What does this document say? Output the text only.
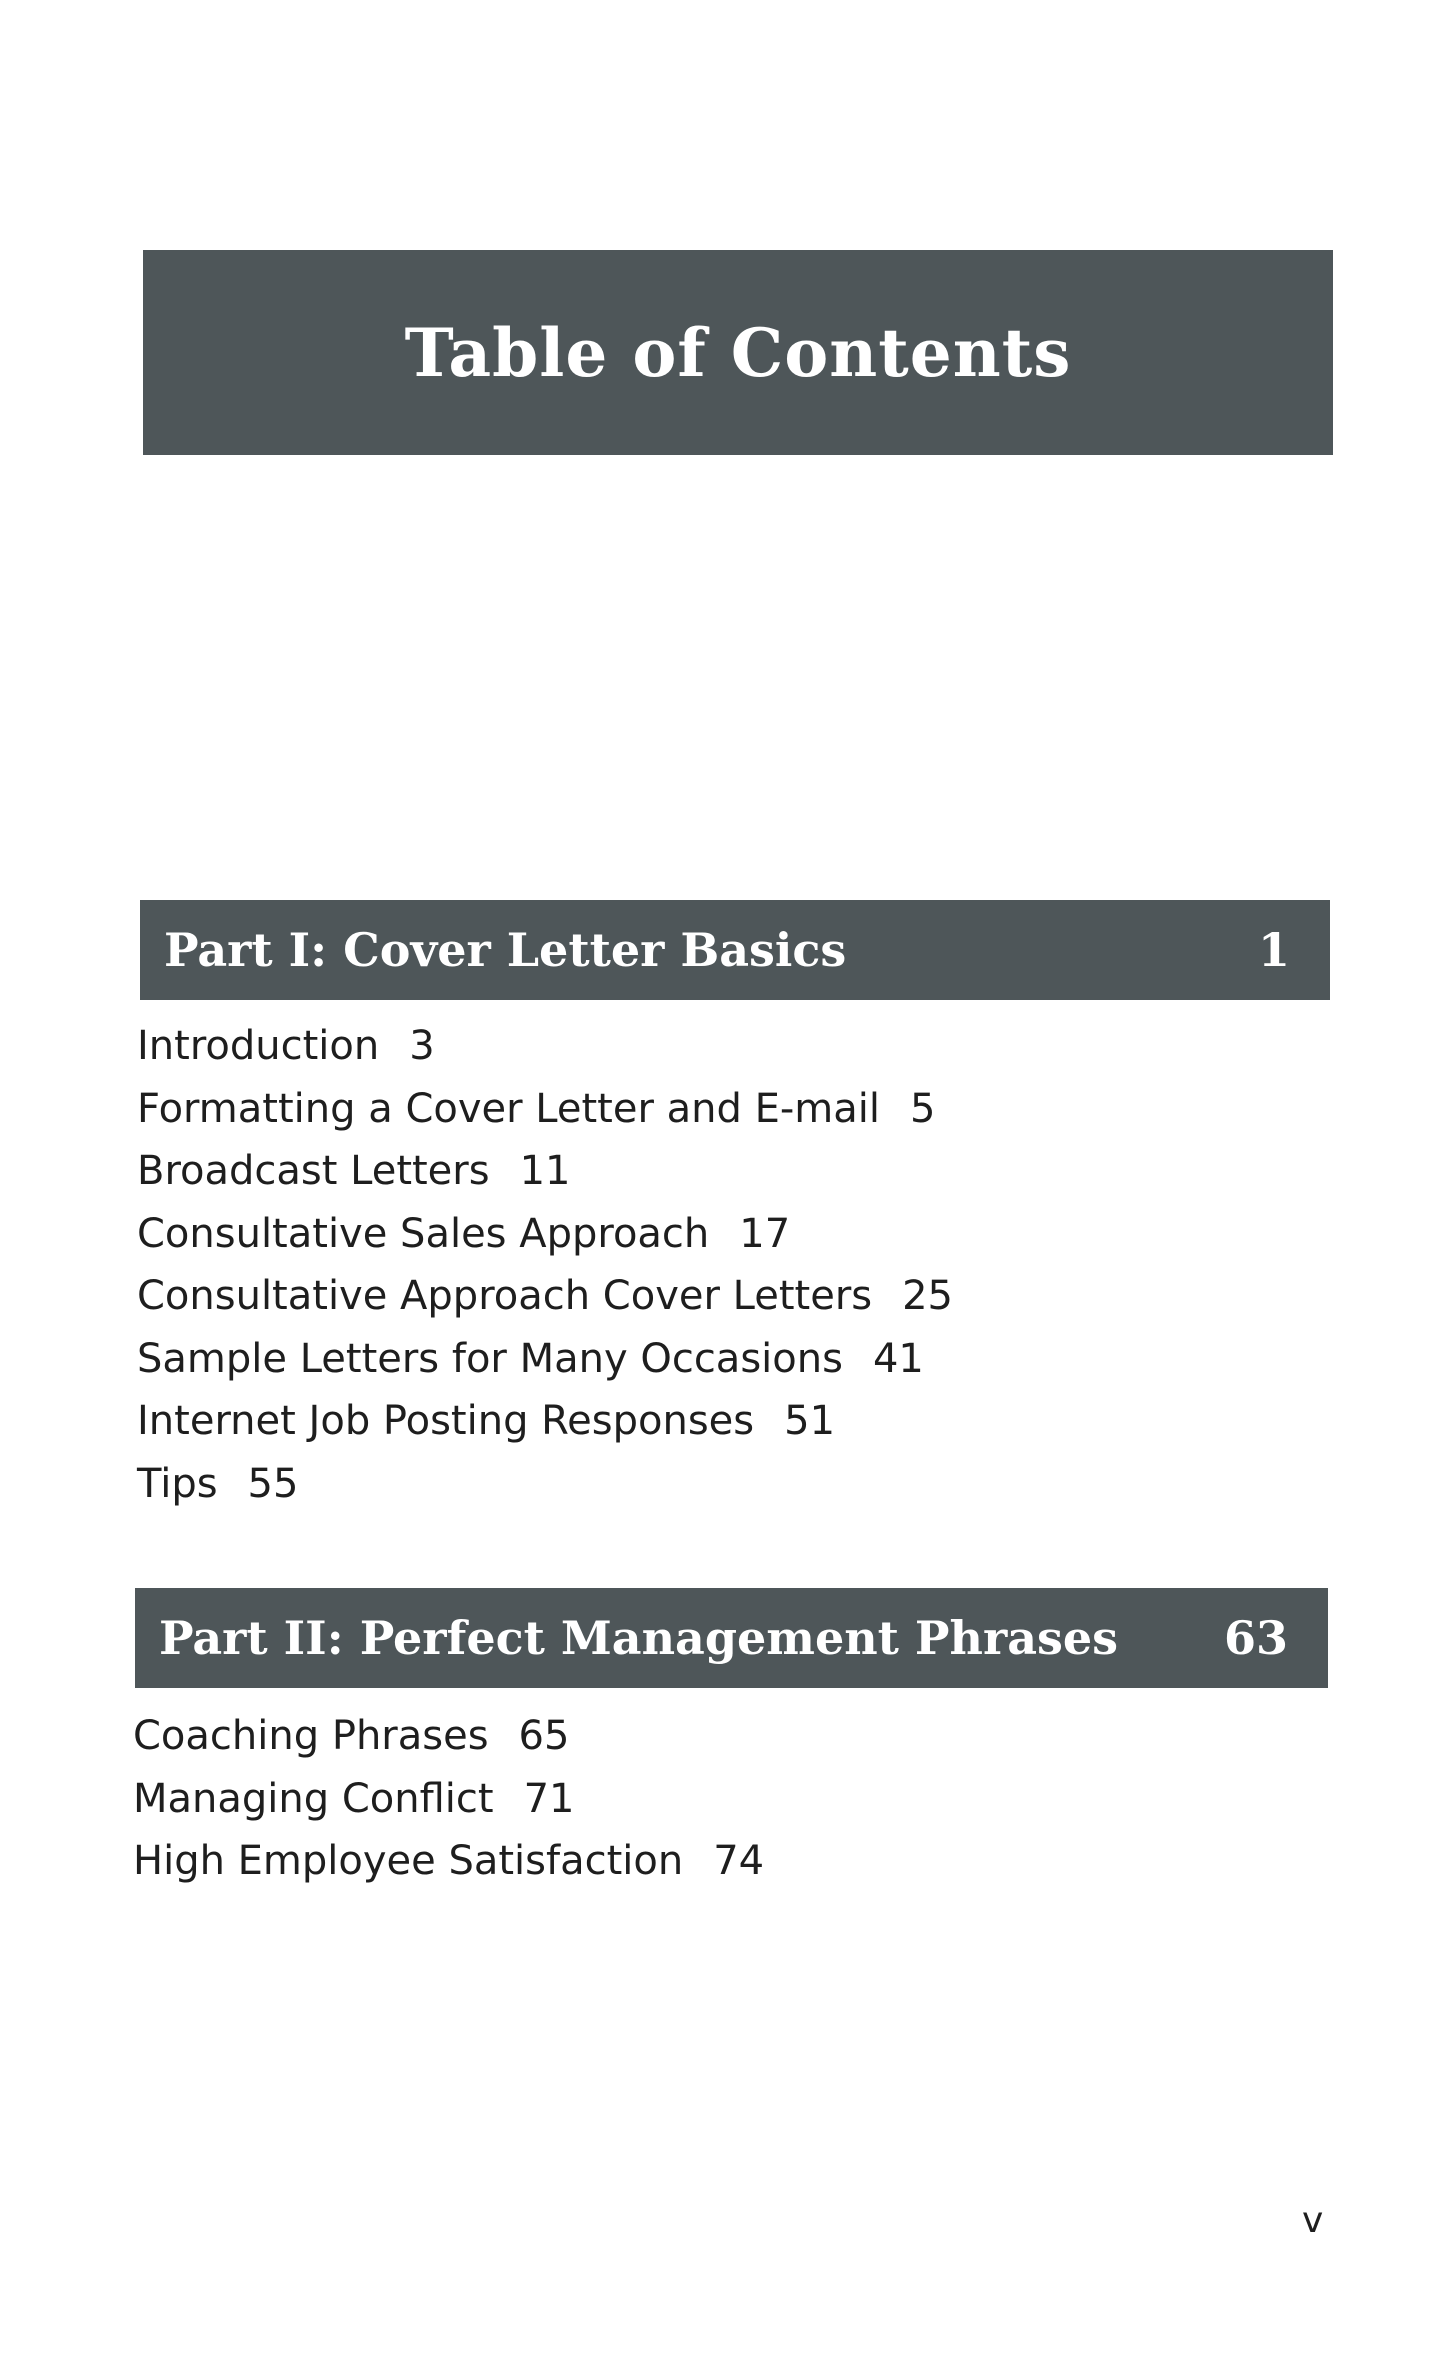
Table of Contents
Part I: Cover Letter Basics	1
Introduction 3
Formatting a Cover Letter and E-mail 5
Broadcast Letters 11
Consultative Sales Approach 17
Consultative Approach Cover Letters 25
Sample Letters for Many Occasions 41
Internet Job Posting Responses 51
Tips 55
Part II: Perfect Management Phrases 63
Coaching Phrases 65
Managing Conflict 71
High Employee Satisfaction 74
v
